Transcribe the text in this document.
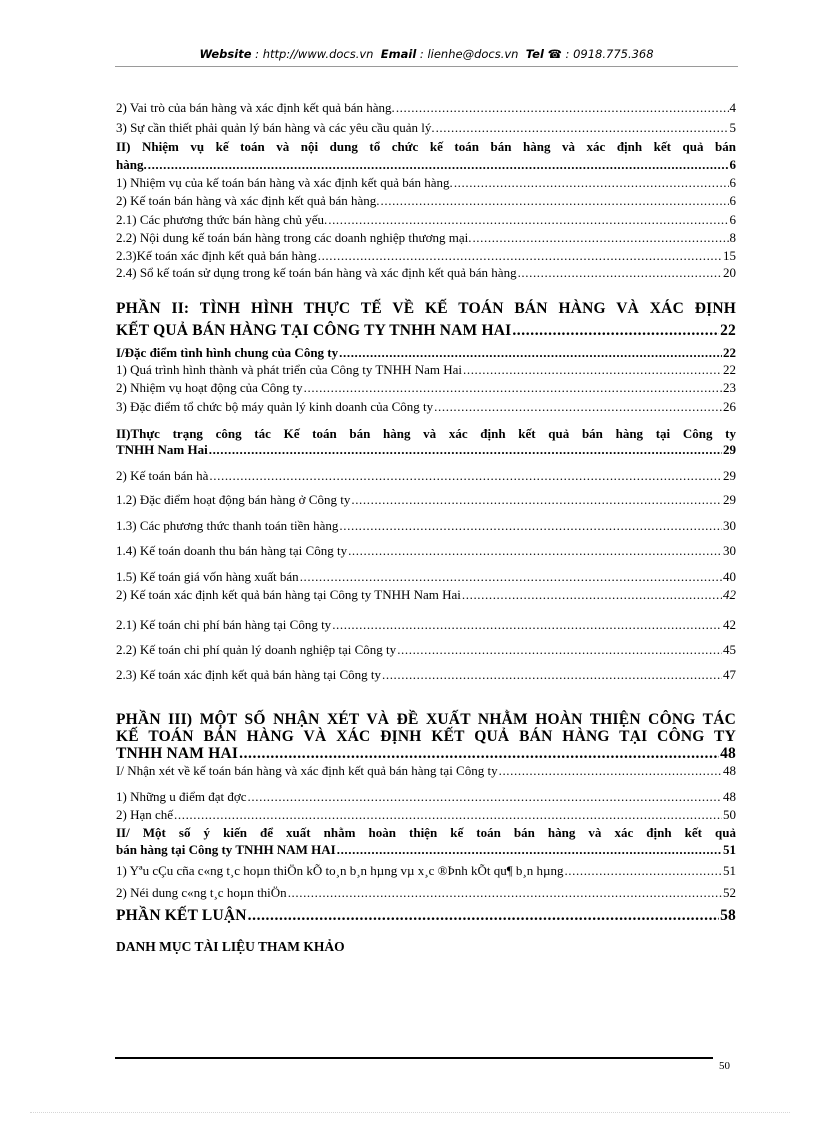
Website : http://www.docs.vn Email : lienhe@docs.vn Tel ☎ : 0918.775.368
2) Vai trò của bán hàng và xác định kết quả bán hàng. .....	4
3) Sự cần thiết phải quản lý bán hàng và các yêu cầu quản lý. .....	5
II) Nhiệm vụ kế toán và nội dung tổ chức kế toán bán hàng và xác định kết quả bán
hàng. .....	6
1) Nhiệm vụ của kế toán bán hàng và xác định kết quả bán hàng. .....	6
2) Kế toán bán hàng và xác định kết quả bán hàng. .....	6
2.1) Các phương thức bán hàng chủ yếu. .....	6
2.2) Nội dung kế toán bán hàng trong các doanh nghiệp thương mại. .....	8
2.3)Kế toán xác định kết quả bán hàng .....	15
2.4) Sổ kế toán sử dụng trong kế toán bán hàng và xác định kết quả bán hàng .....	20
PHẦN II: TÌNH HÌNH THỰC TẾ VỀ KẾ TOÁN BÁN HÀNG VÀ XÁC ĐỊNH
KẾT QUẢ BÁN HÀNG TẠI CÔNG TY TNHH NAM HAI .....	22
I/Đặc điểm tình hình chung của Công ty .....	22
1) Quá trình hình thành và phát triển của Công ty TNHH Nam Hai .....	22
2) Nhiệm vụ hoạt động của Công ty .....	23
3) Đặc điểm tổ chức bộ máy quản lý kinh doanh của Công ty .....	26
II)Thực trạng công tác Kế toán bán hàng và xác định kết quả bán hàng tại Công ty
TNHH Nam Hai .....	29
2) Kế toán bán hà .....	29
1.2) Đặc điểm hoạt động bán hàng ở Công ty .....	29
1.3) Các phương thức thanh toán tiền hàng .....	30
1.4) Kế toán doanh thu bán hàng tại Công ty .....	30
1.5) Kế toán giá vốn hàng xuất bán .....	40
2) Kế toán xác định kết quả bán hàng tại Công ty TNHH Nam Hai .....	42
2.1) Kế toán chi phí bán hàng tại Công ty .....	42
2.2) Kế toán chi phí quản lý doanh nghiệp tại Công ty .....	45
2.3) Kế toán xác định kết quả bán hàng tại Công ty .....	47
PHẦN III) MỘT SỐ NHẬN XÉT VÀ ĐỀ XUẤT NHẰM HOÀN THIỆN CÔNG TÁC
KẾ TOÁN BÁN HÀNG VÀ XÁC ĐỊNH KẾT QUẢ BÁN HÀNG TẠI CÔNG TY
TNHH NAM HAI .....	48
I/ Nhận xét về kế toán bán hàng và xác định kết quả bán hàng tại Công ty .....	48
1) Những u điểm đạt đợc .....	48
2) Hạn chế .....	50
II/ Một số ý kiến để xuất nhằm hoàn thiện kế toán bán hàng và xác định kết quả
bán hàng tại Công ty TNHH NAM HAI .....	51
1) Yªu cÇu cña c«ng t¸c hoµn thiÖn kÕ to¸n b¸n hµng vµ x¸c ®Þnh kÕt qu¶ b¸n hµng .....	51
2) Néi dung c«ng t¸c hoµn thiÖn .....	52
PHẦN KẾT LUẬN .....	58
DANH MỤC TÀI LIỆU THAM KHẢO
50
